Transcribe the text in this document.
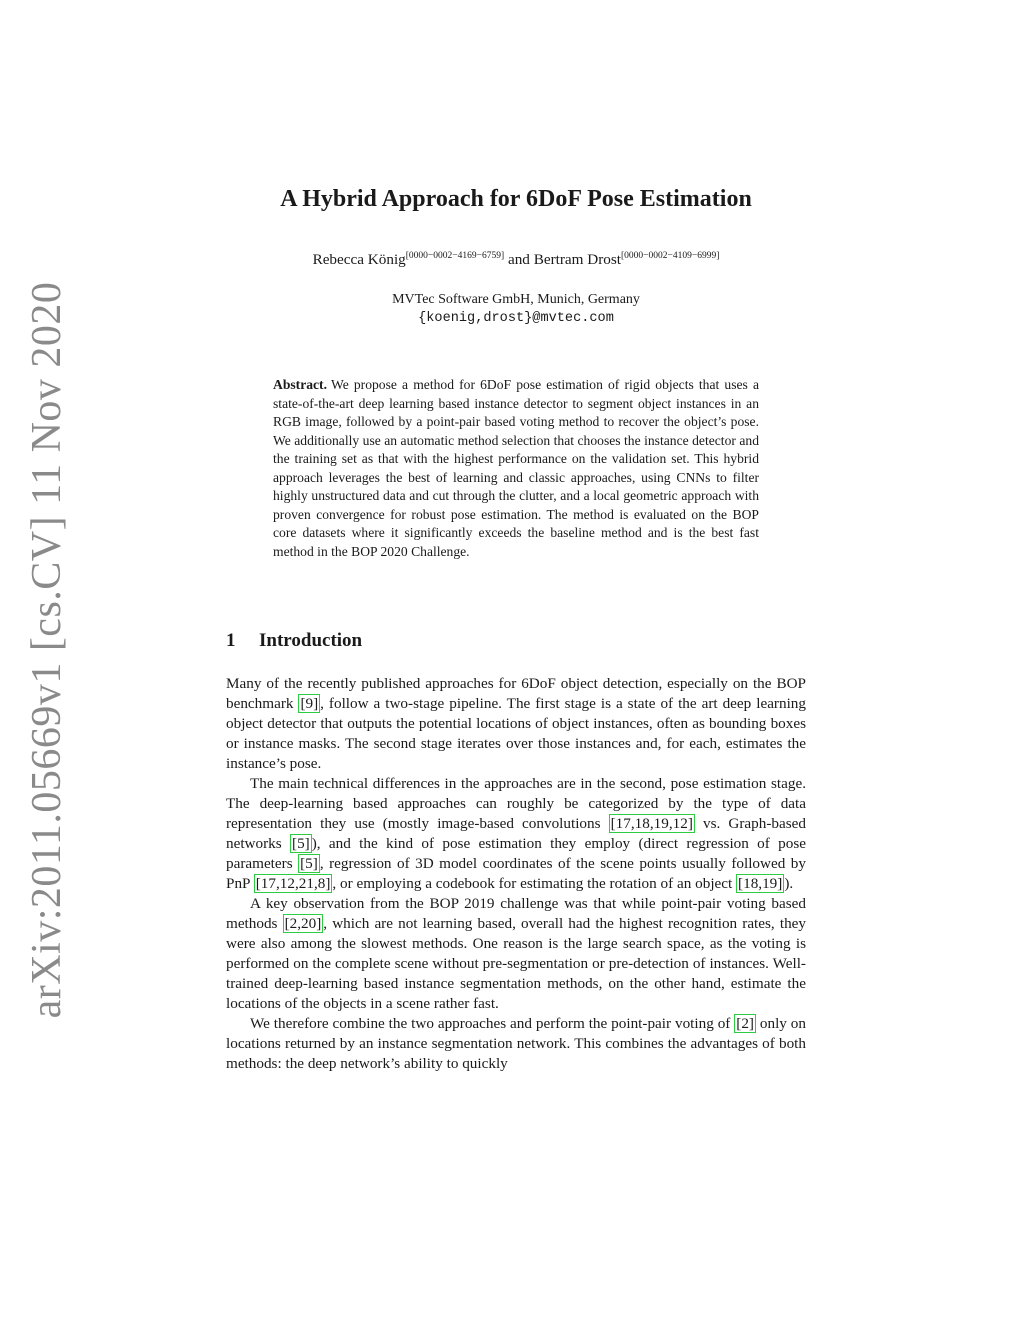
arXiv:2011.05669v1 [cs.CV] 11 Nov 2020
A Hybrid Approach for 6DoF Pose Estimation
Rebecca König[0000−0002−4169−6759] and Bertram Drost[0000−0002−4109−6999]
MVTec Software GmbH, Munich, Germany
{koenig,drost}@mvtec.com
Abstract. We propose a method for 6DoF pose estimation of rigid objects that uses a state-of-the-art deep learning based instance detector to segment object instances in an RGB image, followed by a point-pair based voting method to recover the object’s pose. We additionally use an automatic method selection that chooses the instance detector and the training set as that with the highest performance on the validation set. This hybrid approach leverages the best of learning and classic approaches, using CNNs to filter highly unstructured data and cut through the clutter, and a local geometric approach with proven convergence for robust pose estimation. The method is evaluated on the BOP core datasets where it significantly exceeds the baseline method and is the best fast method in the BOP 2020 Challenge.
1 Introduction

Many of the recently published approaches for 6DoF object detection, especially on the BOP benchmark [9] , follow a two-stage pipeline. The first stage is a state of the art deep learning object detector that outputs the potential locations of object instances, often as bounding boxes or instance masks. The second stage iterates over those instances and, for each, estimates the instance’s pose.

The main technical differences in the approaches are in the second, pose estimation stage. The deep-learning based approaches can roughly be categorized by the type of data representation they use (mostly image-based convolutions [17,18,19,12] vs. Graph-based networks [5] ), and the kind of pose estimation they employ (direct regression of pose parameters [5] , regression of 3D model coordinates of the scene points usually followed by PnP [17,12,21,8] , or employing a codebook for estimating the rotation of an object [18,19] ).

A key observation from the BOP 2019 challenge was that while point-pair voting based methods [2,20] , which are not learning based, overall had the highest recognition rates, they were also among the slowest methods. One reason is the large search space, as the voting is performed on the complete scene without pre-segmentation or pre-detection of instances. Well-trained deep-learning based instance segmentation methods, on the other hand, estimate the locations of the objects in a scene rather fast.

We therefore combine the two approaches and perform the point-pair voting of [2] only on locations returned by an instance segmentation network. This combines the advantages of both methods: the deep network’s ability to quickly
